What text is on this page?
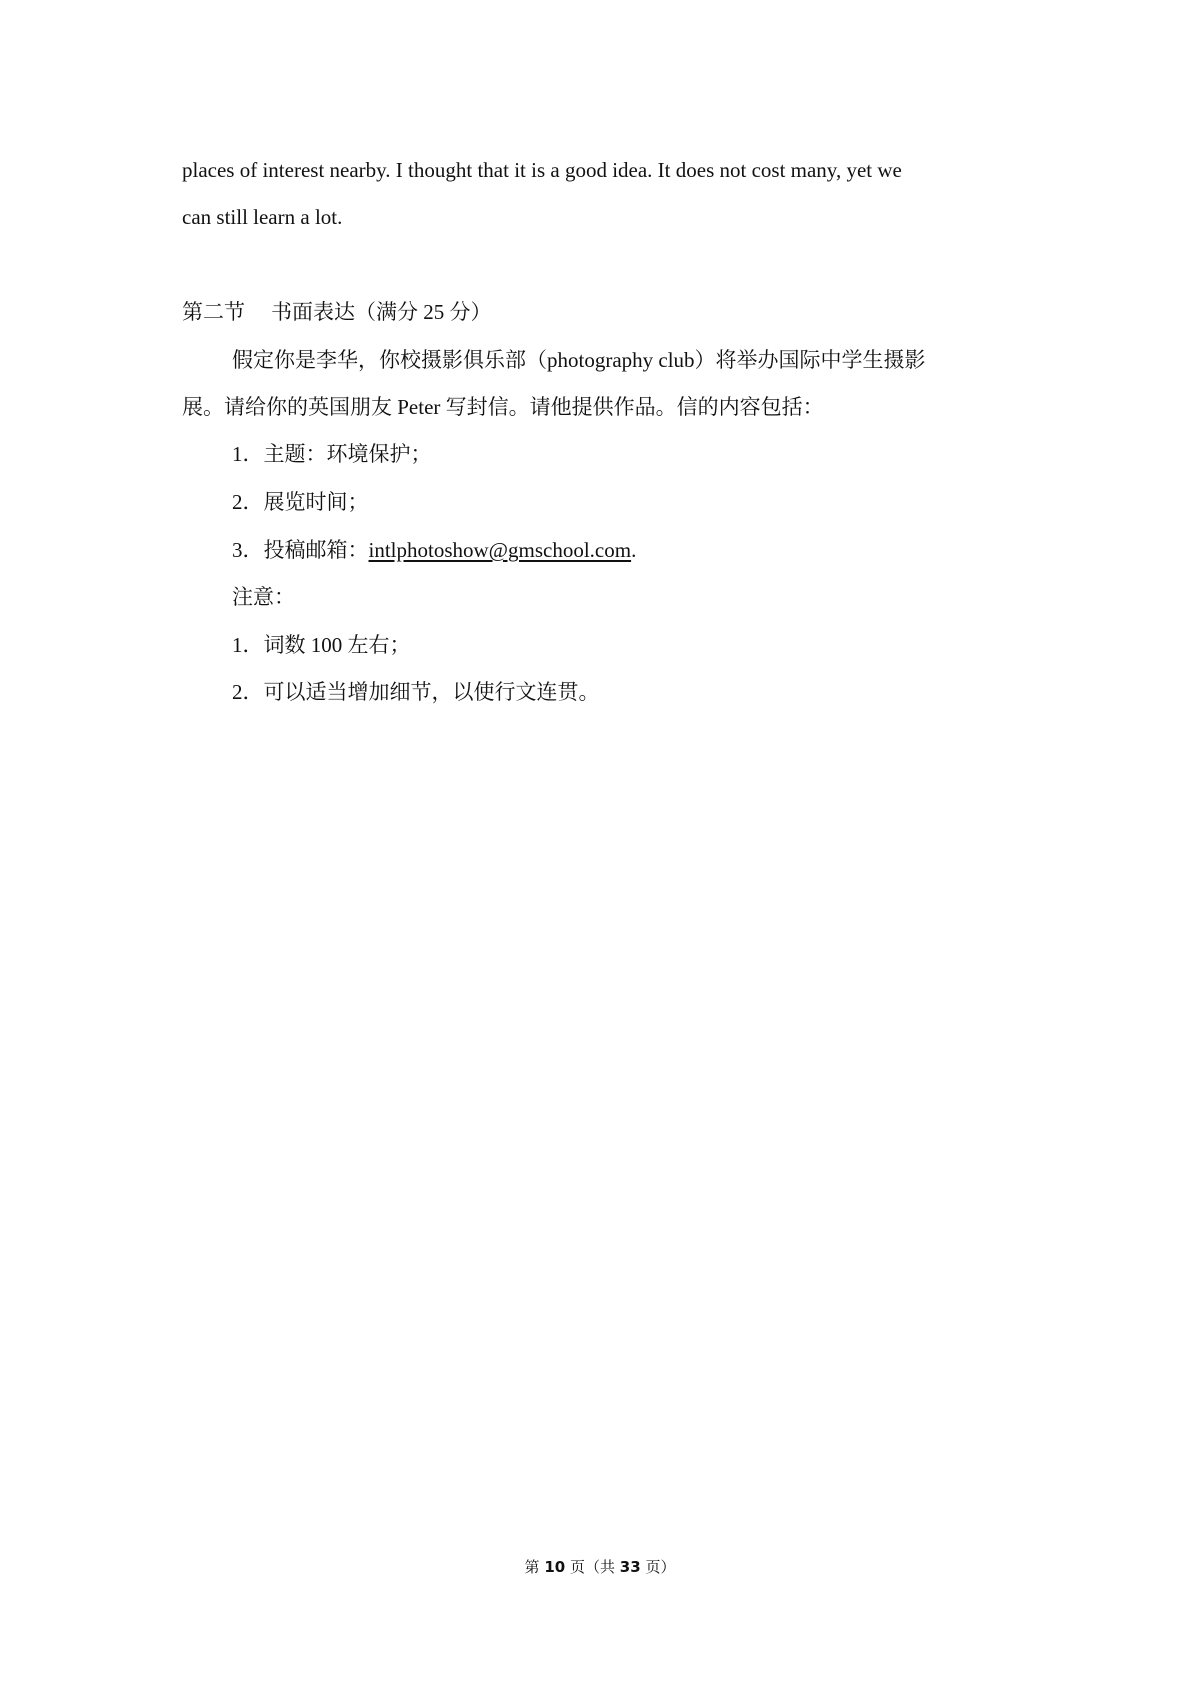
places of interest nearby. I thought that it is a good idea. It does not cost many, yet we
can still learn a lot.
第二节 书面表达（满分 25 分）
假定你是李华，你校摄影俱乐部（photography club）将举办国际中学生摄影
展。请给你的英国朋友 Peter 写封信。请他提供作品。信的内容包括：
1．主题：环境保护；
2．展览时间；
3．投稿邮箱：intlphotoshow@gmschool.com.
注意：
1．词数 100 左右；
2．可以适当增加细节，以使行文连贯。
第 10 页（共 33 页）
